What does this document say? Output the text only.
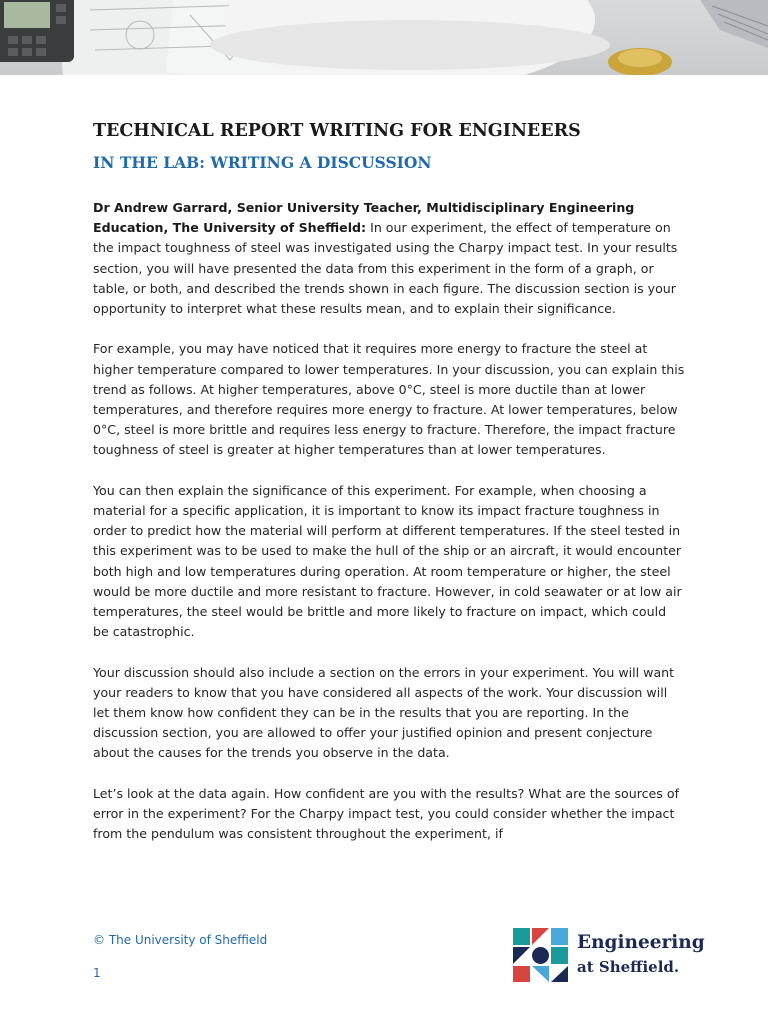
TECHNICAL REPORT WRITING FOR ENGINEERS
IN THE LAB: WRITING A DISCUSSION

Dr Andrew Garrard, Senior University Teacher, Multidisciplinary Engineering Education, The University of Sheffield: In our experiment, the effect of temperature on the impact toughness of steel was investigated using the Charpy impact test. In your results section, you will have presented the data from this experiment in the form of a graph, or table, or both, and described the trends shown in each figure. The discussion section is your opportunity to interpret what these results mean, and to explain their significance.

For example, you may have noticed that it requires more energy to fracture the steel at higher temperature compared to lower temperatures. In your discussion, you can explain this trend as follows. At higher temperatures, above 0°C, steel is more ductile than at lower temperatures, and therefore requires more energy to fracture. At lower temperatures, below 0°C, steel is more brittle and requires less energy to fracture. Therefore, the impact fracture toughness of steel is greater at higher temperatures than at lower temperatures.

You can then explain the significance of this experiment. For example, when choosing a material for a specific application, it is important to know its impact fracture toughness in order to predict how the material will perform at different temperatures. If the steel tested in this experiment was to be used to make the hull of the ship or an aircraft, it would encounter both high and low temperatures during operation. At room temperature or higher, the steel would be more ductile and more resistant to fracture. However, in cold seawater or at low air temperatures, the steel would be brittle and more likely to fracture on impact, which could be catastrophic.

Your discussion should also include a section on the errors in your experiment. You will want your readers to know that you have considered all aspects of the work. Your discussion will let them know how confident they can be in the results that you are reporting. In the discussion section, you are allowed to offer your justified opinion and present conjecture about the causes for the trends you observe in the data.

Let’s look at the data again. How confident are you with the results? What are the sources of error in the experiment? For the Charpy impact test, you could consider whether the impact from the pendulum was consistent throughout the experiment, if

© The University of Sheffield
1
Engineering
at Sheffield.
